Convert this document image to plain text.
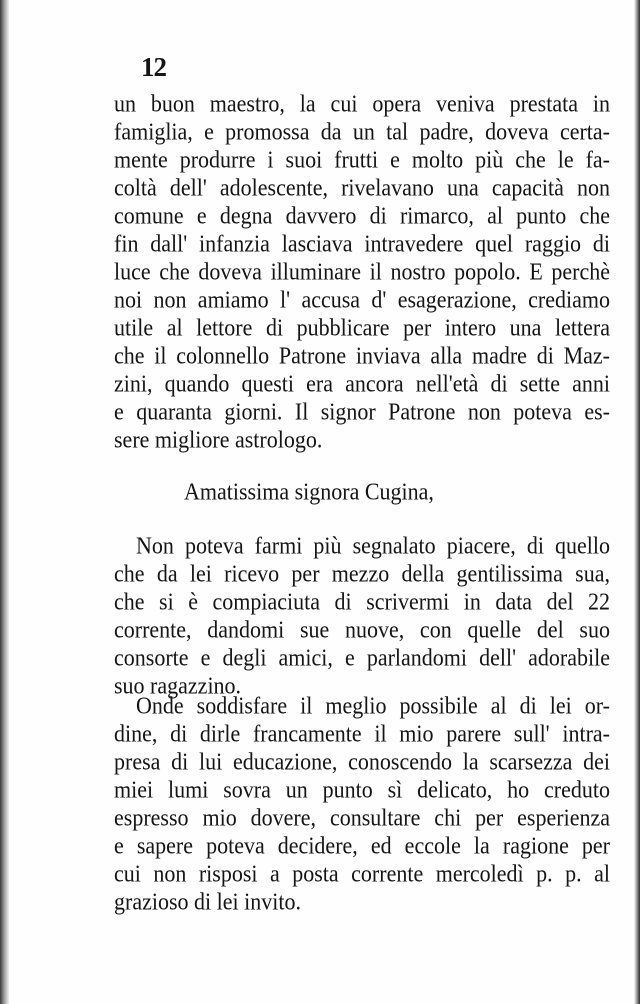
12
un buon maestro, la cui opera veniva prestata in
famiglia, e promossa da un tal padre, doveva certa-
mente produrre i suoi frutti e molto più che le fa-
coltà dell' adolescente, rivelavano una capacità non
comune e degna davvero di rimarco, al punto che
fin dall' infanzia lasciava intravedere quel raggio di
luce che doveva illuminare il nostro popolo. E perchè
noi non amiamo l' accusa d' esagerazione, crediamo
utile al lettore di pubblicare per intero una lettera
che il colonnello Patrone inviava alla madre di Maz-
zini, quando questi era ancora nell'età di sette anni
e quaranta giorni. Il signor Patrone non poteva es-
sere migliore astrologo.
Amatissima signora Cugina,
Non poteva farmi più segnalato piacere, di quello
che da lei ricevo per mezzo della gentilissima sua,
che si è compiaciuta di scrivermi in data del 22
corrente, dandomi sue nuove, con quelle del suo
consorte e degli amici, e parlandomi dell' adorabile
suo ragazzino.
Onde soddisfare il meglio possibile al di lei or-
dine, di dirle francamente il mio parere sull' intra-
presa di lui educazione, conoscendo la scarsezza dei
miei lumi sovra un punto sì delicato, ho creduto
espresso mio dovere, consultare chi per esperienza
e sapere poteva decidere, ed eccole la ragione per
cui non risposi a posta corrente mercoledì p. p. al
grazioso di lei invito.
